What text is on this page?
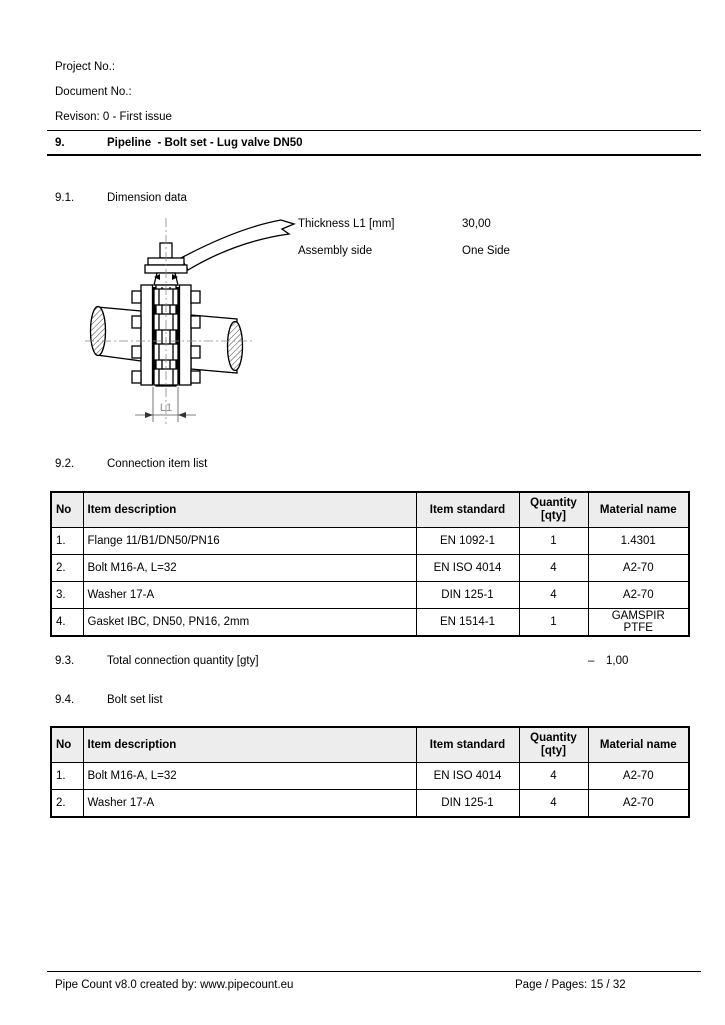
Project No.:
Document No.:
Revison: 0 - First issue
9.	Pipeline  - Bolt set - Lug valve DN50
9.1.	Dimension data
L1
Thickness L1 [mm]	30,00
Assembly side	One Side
9.2.	Connection item list
No	Item description	Item standard	Quantity [qty]	Material name
1.	Flange 11/B1/DN50/PN16	EN 1092-1	1	1.4301
2.	Bolt M16-A, L=32	EN ISO 4014	4	A2-70
3.	Washer 17-A	DIN 125-1	4	A2-70
4.	Gasket IBC, DN50, PN16, 2mm	EN 1514-1	1	GAMSPIR PTFE
9.3.	Total connection quantity [gty]	– 1,00
9.4.	Bolt set list
No	Item description	Item standard	Quantity [qty]	Material name
1.	Bolt M16-A, L=32	EN ISO 4014	4	A2-70
2.	Washer 17-A	DIN 125-1	4	A2-70
Pipe Count v8.0 created by: www.pipecount.eu	Page / Pages: 15 / 32
